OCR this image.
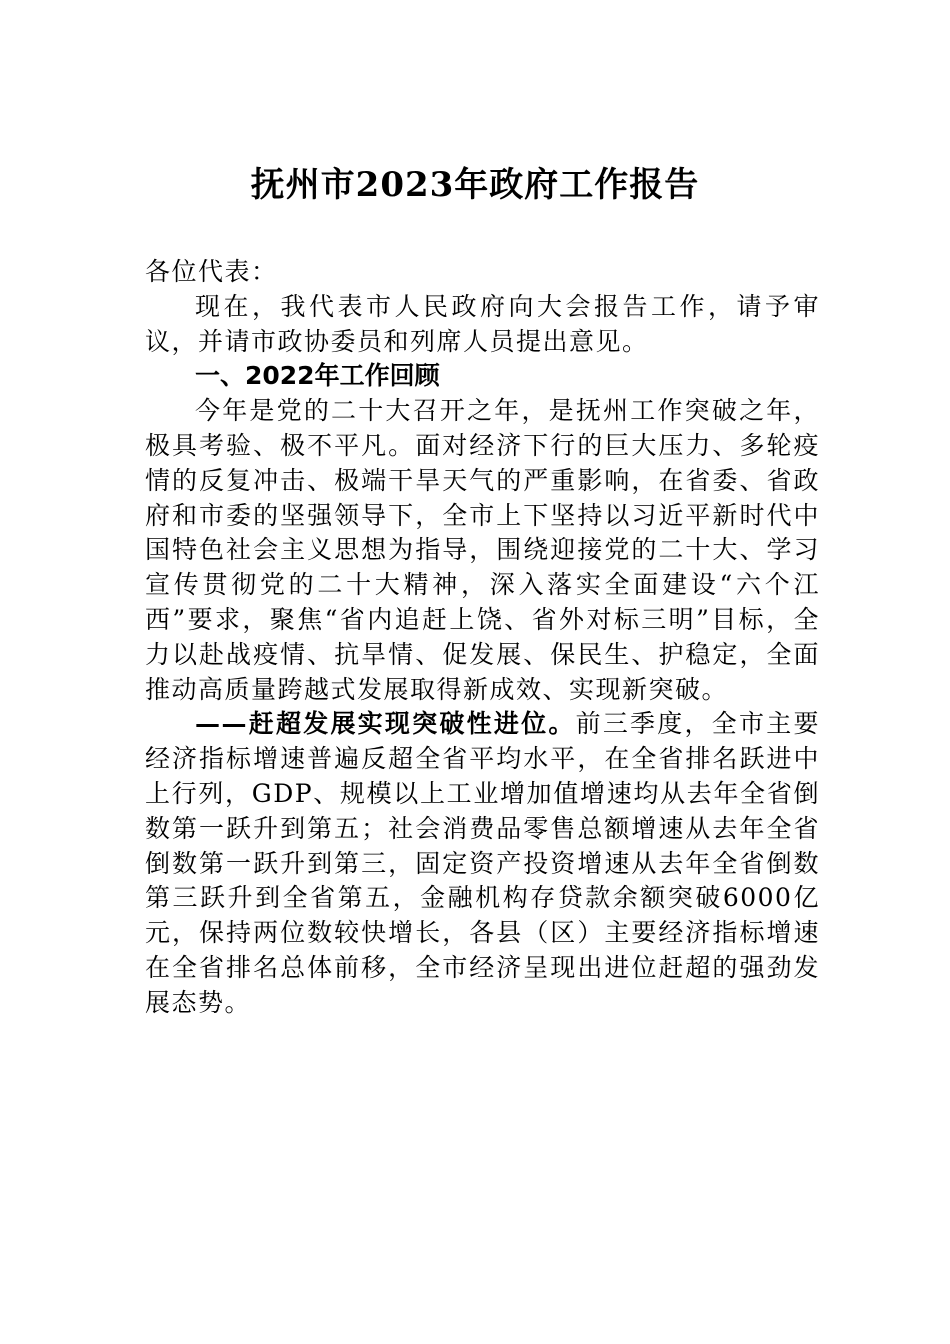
抚州市2023年政府工作报告

各位代表：

现在，我代表市人民政府向大会报告工作，请予审议，并请市政协委员和列席人员提出意见。

一、2022年工作回顾

今年是党的二十大召开之年，是抚州工作突破之年，极具考验、极不平凡。面对经济下行的巨大压力、多轮疫情的反复冲击、极端干旱天气的严重影响，在省委、省政府和市委的坚强领导下，全市上下坚持以习近平新时代中国特色社会主义思想为指导，围绕迎接党的二十大、学习宣传贯彻党的二十大精神，深入落实全面建设“六个江西”要求，聚焦“省内追赶上饶、省外对标三明”目标，全力以赴战疫情、抗旱情、促发展、保民生、护稳定，全面推动高质量跨越式发展取得新成效、实现新突破。

——赶超发展实现突破性进位。前三季度，全市主要经济指标增速普遍反超全省平均水平，在全省排名跃进中上行列，GDP、规模以上工业增加值增速均从去年全省倒数第一跃升到第五；社会消费品零售总额增速从去年全省倒数第一跃升到第三，固定资产投资增速从去年全省倒数第三跃升到全省第五，金融机构存贷款余额突破6000亿元，保持两位数较快增长，各县（区）主要经济指标增速在全省排名总体前移，全市经济呈现出进位赶超的强劲发展态势。
